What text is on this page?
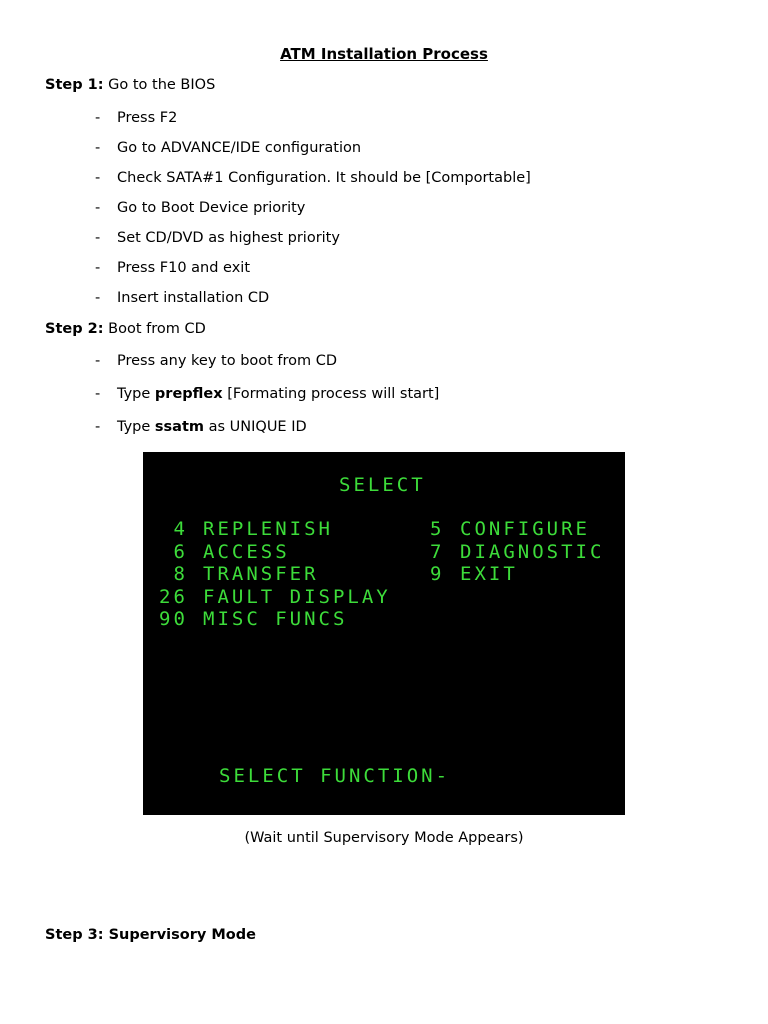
ATM Installation Process
Step 1: Go to the BIOS
- Press F2
- Go to ADVANCE/IDE configuration
- Check SATA#1 Configuration. It should be [Comportable]
- Go to Boot Device priority
- Set CD/DVD as highest priority
- Press F10 and exit
- Insert installation CD
Step 2: Boot from CD
- Press any key to boot from CD
- Type prepflex [Formating process will start]
- Type ssatm as UNIQUE ID
SELECT
4 REPLENISH
6 ACCESS
8 TRANSFER
26 FAULT DISPLAY
90 MISC FUNCS
5 CONFIGURE
7 DIAGNOSTIC
9 EXIT
SELECT FUNCTION-
(Wait until Supervisory Mode Appears)
Step 3: Supervisory Mode
